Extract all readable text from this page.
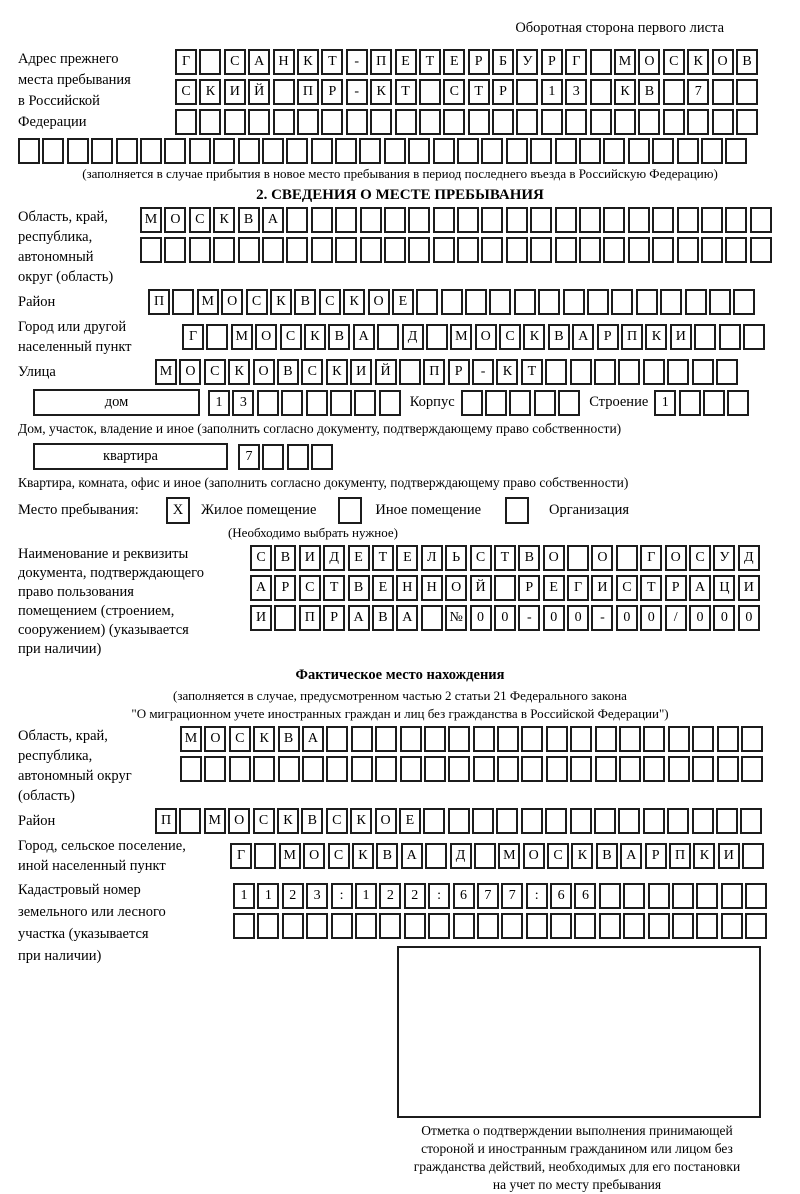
Оборотная сторона первого листа
Адрес прежнего
места пребывания
в Российской
Федерации
Г	С	А	Н	К	Т	-	П	Е	Т	Е	Р	Б	У	Р	Г	М О	С	К	О	В
С	К	И	Й	П	Р	-	К	Т	С	Т	Р	1	3	К	В	7
(заполняется в случае прибытия в новое место пребывания в период последнего въезда в Российскую Федерацию)
2. СВЕДЕНИЯ О МЕСТЕ ПРЕБЫВАНИЯ
Область, край,
республика,
автономный
округ (область)
М О	С	К	В	А
Район	П	М О	С	К	В	С	К	О	Е
Город или другой
населенный пункт
Г	М О	С	К	В	А	Д	М О	С	К	В	А	Р	П	К	И
Улица	М О	С	К	О	В	С	К	И	Й	П	Р	-	К	Т
дом	1	3	Корпус	Строение 1
Дом, участок, владение и иное (заполнить согласно документу, подтверждающему право собственности)
квартира	7
Квартира, комната, офис и иное (заполнить согласно документу, подтверждающему право собственности)
Место пребывания:	X	Жилое помещение	Иное помещение	Организация
(Необходимо выбрать нужное)
Наименование и реквизиты
документа, подтверждающего
право пользования
помещением (строением,
сооружением) (указывается
при наличии)
С	В	И	Д	Е	Т	Е	Л	Ь	С	Т	В	О	О	Г	О	С	У	Д
А	Р	С	Т	В	Е	Н	Н	О	Й	Р	Е	Г	И	С	Т	Р	А	Ц	И
И	П	Р	А	В	А	№	0	0	-	0	0	-	0	0	/	0	0	0
Фактическое место нахождения
(заполняется в случае, предусмотренном частью 2 статьи 21 Федерального закона
"О миграционном учете иностранных граждан и лиц без гражданства в Российской Федерации")
Область, край,
республика,
автономный округ
(область)
М О	С	К	В	А
Район	П	М О	С	К	В	С	К	О	Е
Город, сельское поселение,
иной населенный пункт
Г	М О	С	К	В	А	Д	М О	С	К	В	А	Р	П	К	И
Кадастровый номер
земельного или лесного
участка (указывается
при наличии)
1	1	2	3	:	1	2	2	:	6	7	7	:	6	6
Отметка о подтверждении выполнения принимающей
стороной и иностранным гражданином или лицом без
гражданства действий, необходимых для его постановки
на учет по месту пребывания
